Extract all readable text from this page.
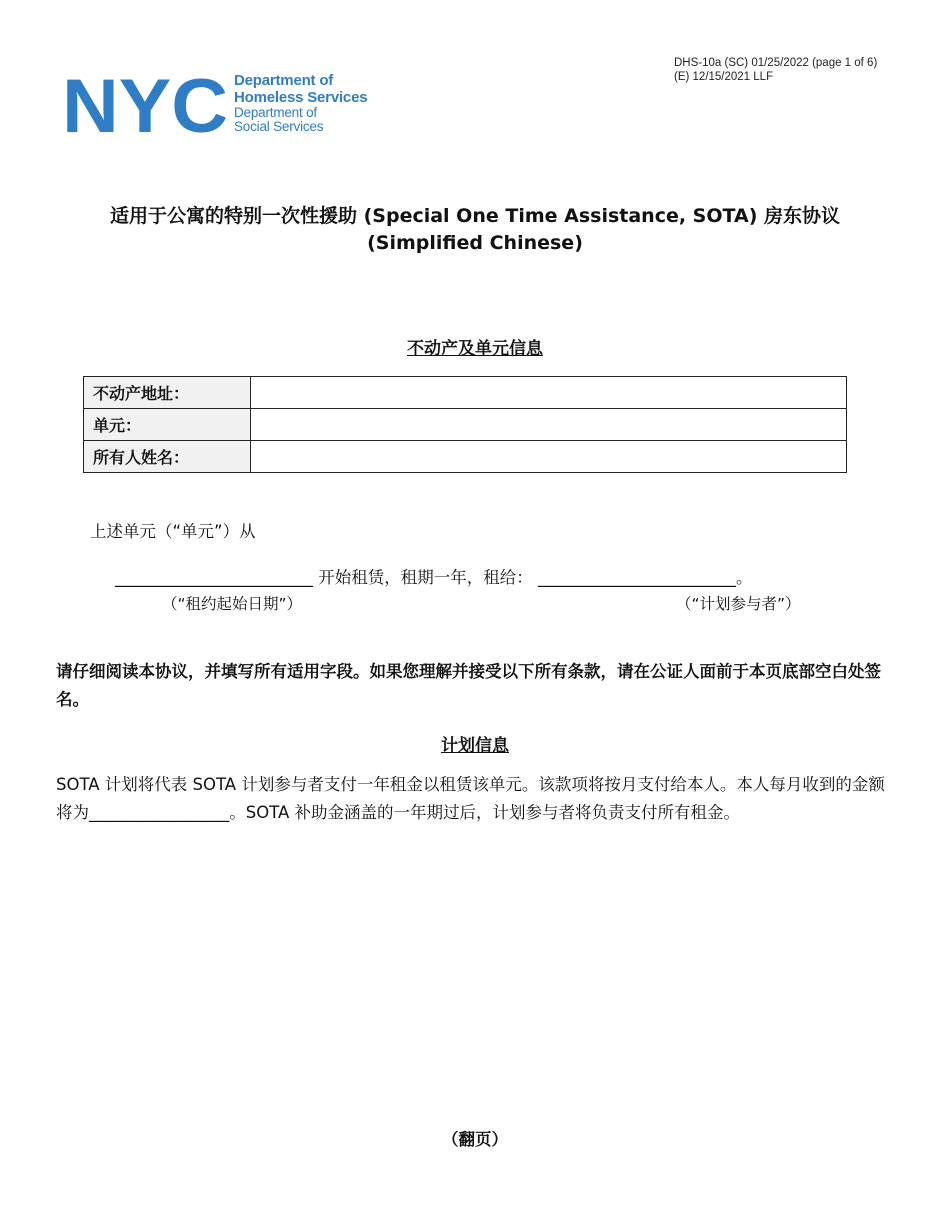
DHS-10a (SC) 01/25/2022 (page 1 of 6)
(E) 12/15/2021 LLF
NYC Department of
Homeless Services
Department of
Social Services
适用于公寓的特别一次性援助 (Special One Time Assistance, SOTA) 房东协议
(Simplified Chinese)
不动产及单元信息
不动产地址：	
单元：	
所有人姓名：	
上述单元（“单元”）从
________________________ 开始租赁，租期一年，租给： ________________________。
（“租约起始日期”）	（“计划参与者”）
请仔细阅读本协议，并填写所有适用字段。如果您理解并接受以下所有条款，请在公证人面前于本页底部空白处签名。
计划信息
SOTA 计划将代表 SOTA 计划参与者支付一年租金以租赁该单元。该款项将按月支付给本人。本人每月收到的金额将为_________________。SOTA 补助金涵盖的一年期过后，计划参与者将负责支付所有租金。
（翻页）
